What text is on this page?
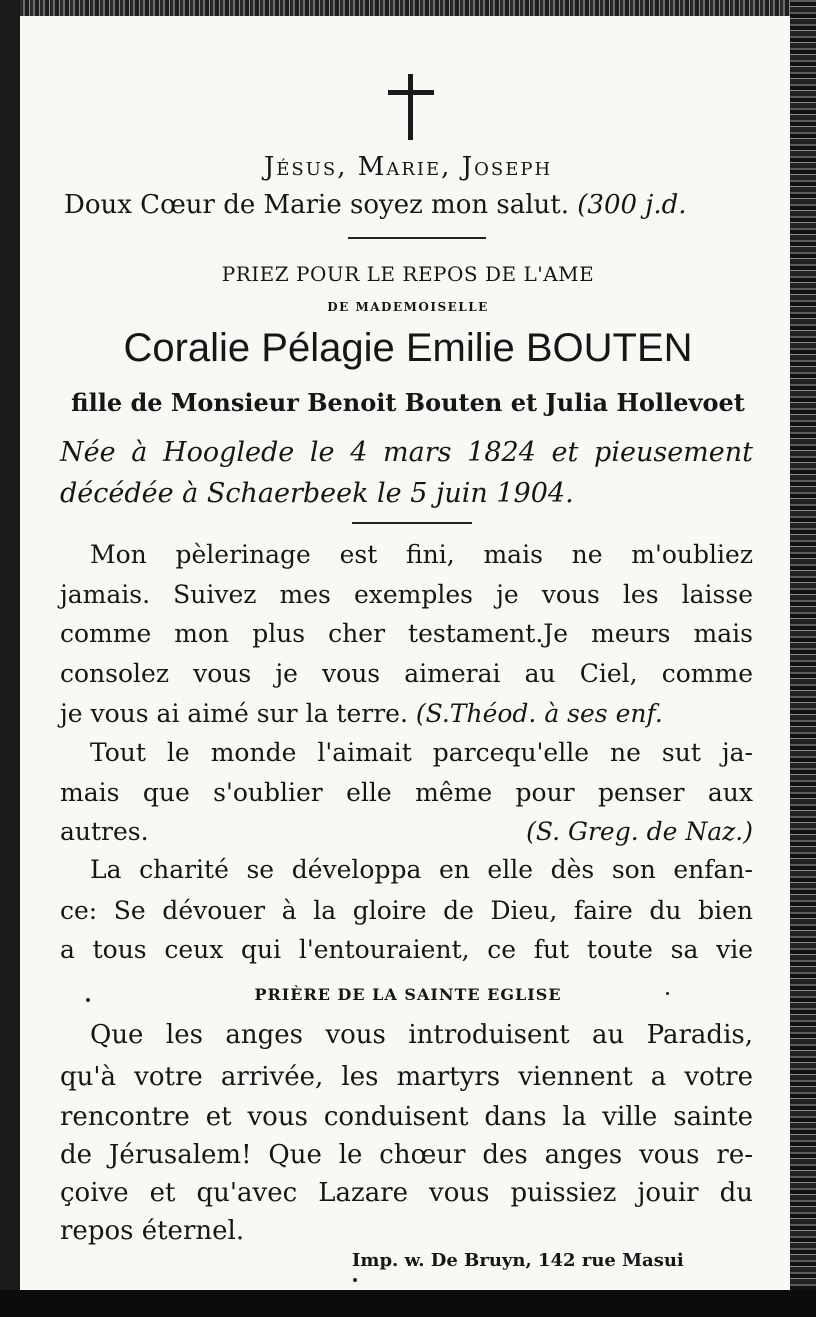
Jésus, Marie, Joseph
Doux Cœur de Marie soyez mon salut. (300 j.d.
PRIEZ POUR LE REPOS DE L'AME
DE MADEMOISELLE
Coralie Pélagie Emilie BOUTEN
fille de Monsieur Benoit Bouten et Julia Hollevoet
Née à Hooglede le 4 mars 1824 et pieusement
décédée à Schaerbeek le 5 juin 1904.
Mon pèlerinage est fini, mais ne m'oubliez
jamais. Suivez mes exemples je vous les laisse
comme mon plus cher testament.Je meurs mais
consolez vous je vous aimerai au Ciel, comme
je vous ai aimé sur la terre. (S.Théod. à ses enf.
Tout le monde l'aimait parcequ'elle ne sut ja-
mais que s'oublier elle même pour penser aux
autres.	(S. Greg. de Naz.)
La charité se développa en elle dès son enfan-
ce: Se dévouer à la gloire de Dieu, faire du bien
a tous ceux qui l'entouraient, ce fut toute sa vie
PRIÈRE DE LA SAINTE EGLISE
Que les anges vous introduisent au Paradis,
qu'à votre arrivée, les martyrs viennent a votre
rencontre et vous conduisent dans la ville sainte
de Jérusalem! Que le chœur des anges vous re-
çoive et qu'avec Lazare vous puissiez jouir du
repos éternel.
Imp. w. De Bruyn, 142 rue Masui
